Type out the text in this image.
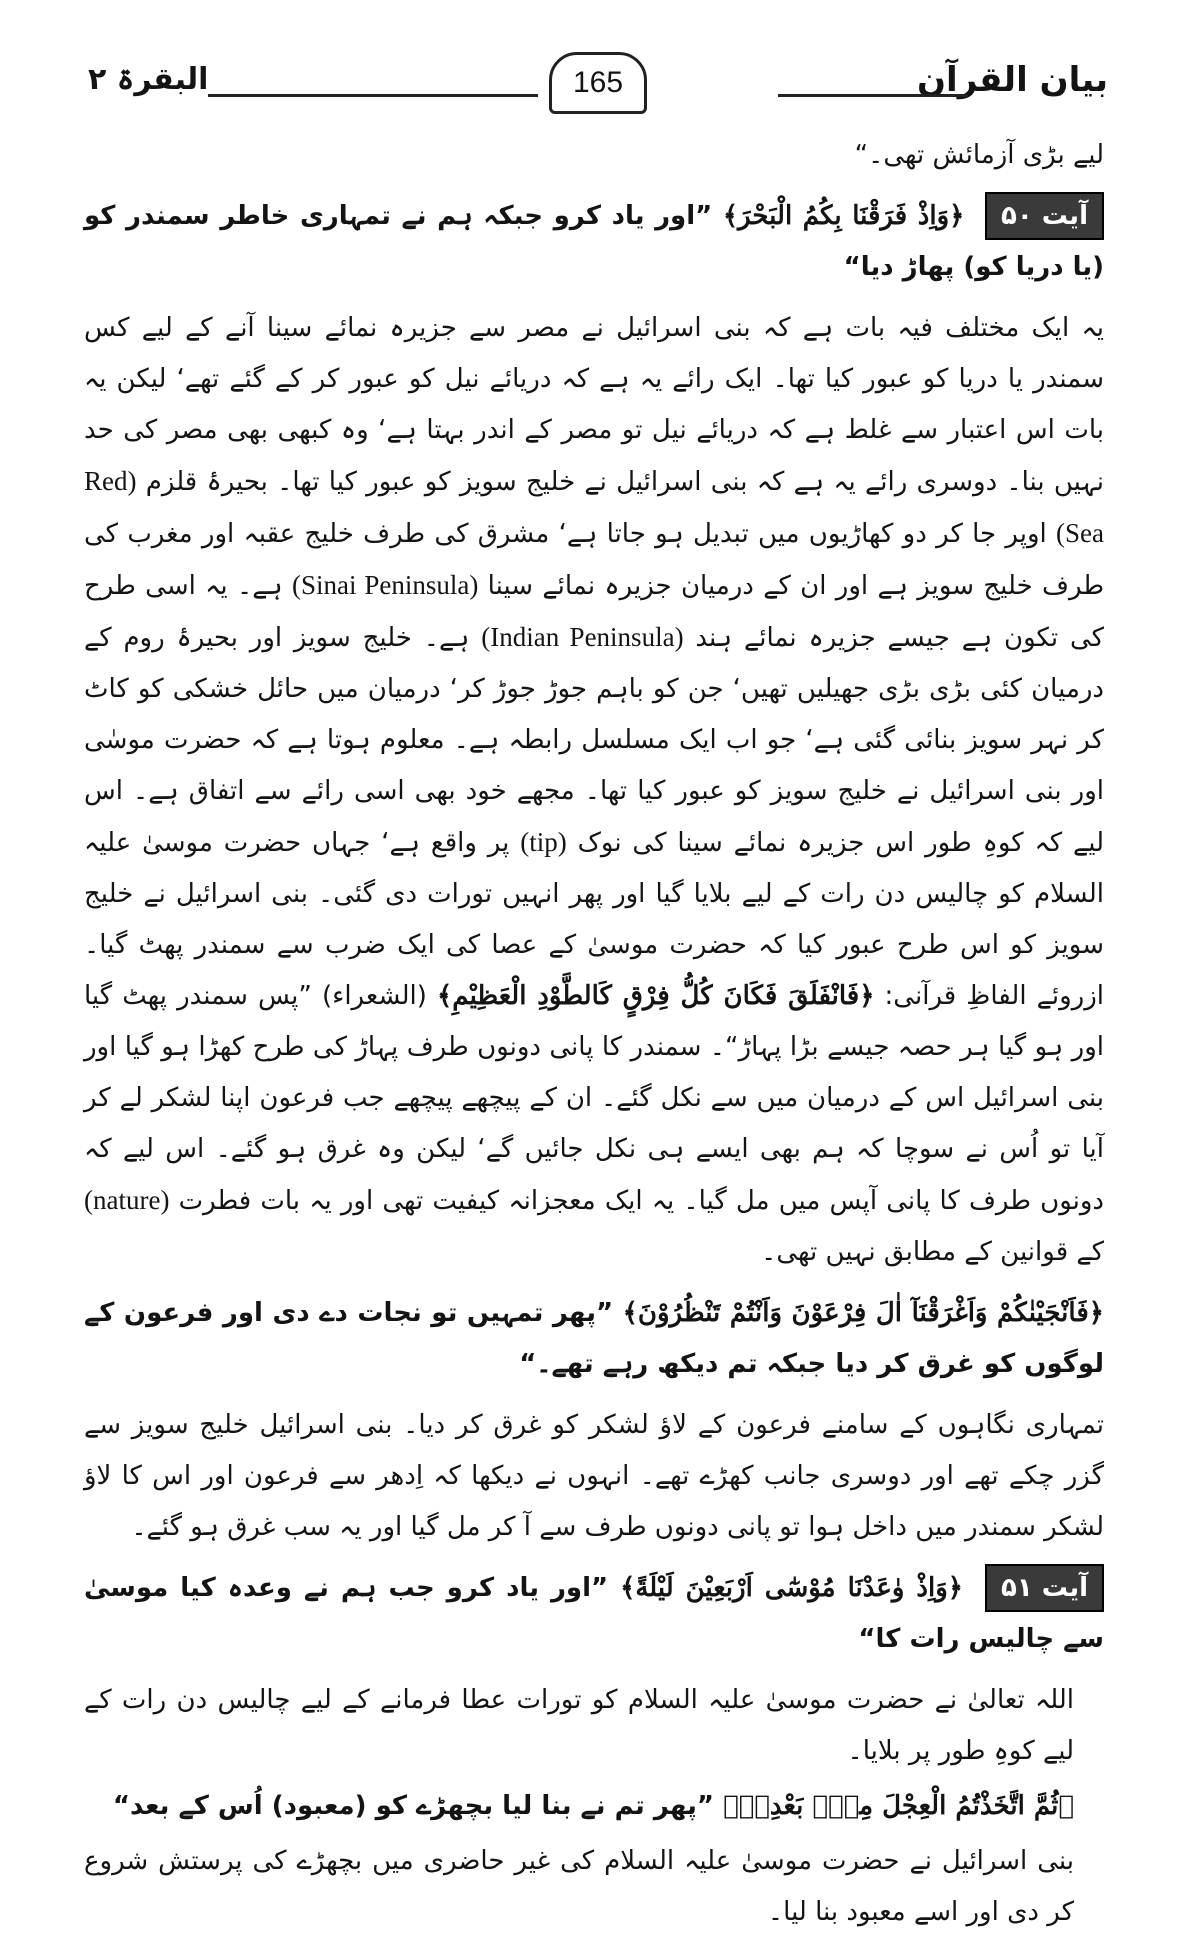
بیان القرآن
165
البقرۃ ۲

لیے بڑی آزمائش تھی۔“

آیت ۵۰ ﴿وَاِذْ فَرَقْنَا بِكُمُ الْبَحْرَ﴾ ”اور یاد کرو جبکہ ہم نے تمہاری خاطر سمندر کو (یا دریا کو) پھاڑ دیا“

یہ ایک مختلف فیہ بات ہے کہ بنی اسرائیل نے مصر سے جزیرہ نمائے سینا آنے کے لیے کس سمندر یا دریا کو عبور کیا تھا۔ ایک رائے یہ ہے کہ دریائے نیل کو عبور کر کے گئے تھے‘ لیکن یہ بات اس اعتبار سے غلط ہے کہ دریائے نیل تو مصر کے اندر بہتا ہے‘ وہ کبھی بھی مصر کی حد نہیں بنا۔ دوسری رائے یہ ہے کہ بنی اسرائیل نے خلیج سویز کو عبور کیا تھا۔ بحیرۂ قلزم (Red Sea) اوپر جا کر دو کھاڑیوں میں تبدیل ہو جاتا ہے‘ مشرق کی طرف خلیج عقبہ اور مغرب کی طرف خلیج سویز ہے اور ان کے درمیان جزیرہ نمائے سینا (Sinai Peninsula) ہے۔ یہ اسی طرح کی تکون ہے جیسے جزیرہ نمائے ہند (Indian Peninsula) ہے۔ خلیج سویز اور بحیرۂ روم کے درمیان کئی بڑی بڑی جھیلیں تھیں‘ جن کو باہم جوڑ جوڑ کر‘ درمیان میں حائل خشکی کو کاٹ کر نہر سویز بنائی گئی ہے‘ جو اب ایک مسلسل رابطہ ہے۔ معلوم ہوتا ہے کہ حضرت موسٰی اور بنی اسرائیل نے خلیج سویز کو عبور کیا تھا۔ مجھے خود بھی اسی رائے سے اتفاق ہے۔ اس لیے کہ کوہِ طور اس جزیرہ نمائے سینا کی نوک (tip) پر واقع ہے‘ جہاں حضرت موسیٰ علیہ السلام کو چالیس دن رات کے لیے بلایا گیا اور پھر انہیں تورات دی گئی۔ بنی اسرائیل نے خلیج سویز کو اس طرح عبور کیا کہ حضرت موسیٰ کے عصا کی ایک ضرب سے سمندر پھٹ گیا۔ ازروئے الفاظِ قرآنی: ﴿فَانْفَلَقَ فَكَانَ كُلُّ فِرْقٍ كَالطَّوْدِ الْعَظِيْمِ﴾ (الشعراء) ”پس سمندر پھٹ گیا اور ہو گیا ہر حصہ جیسے بڑا پہاڑ“۔ سمندر کا پانی دونوں طرف پہاڑ کی طرح کھڑا ہو گیا اور بنی اسرائیل اس کے درمیان میں سے نکل گئے۔ ان کے پیچھے پیچھے جب فرعون اپنا لشکر لے کر آیا تو اُس نے سوچا کہ ہم بھی ایسے ہی نکل جائیں گے‘ لیکن وہ غرق ہو گئے۔ اس لیے کہ دونوں طرف کا پانی آپس میں مل گیا۔ یہ ایک معجزانہ کیفیت تھی اور یہ بات فطرت (nature) کے قوانین کے مطابق نہیں تھی۔

﴿فَاَنْجَيْنٰكُمْ وَاَغْرَقْنَآ اٰلَ فِرْعَوْنَ وَاَنْتُمْ تَنْظُرُوْنَ﴾ ”پھر تمہیں تو نجات دے دی اور فرعون کے لوگوں کو غرق کر دیا جبکہ تم دیکھ رہے تھے۔“

تمہاری نگاہوں کے سامنے فرعون کے لاؤ لشکر کو غرق کر دیا۔ بنی اسرائیل خلیج سویز سے گزر چکے تھے اور دوسری جانب کھڑے تھے۔ انہوں نے دیکھا کہ اِدھر سے فرعون اور اس کا لاؤ لشکر سمندر میں داخل ہوا تو پانی دونوں طرف سے آ کر مل گیا اور یہ سب غرق ہو گئے۔

آیت ۵۱ ﴿وَاِذْ وٰعَدْنَا مُوْسٰٓى اَرْبَعِيْنَ لَيْلَةً﴾ ”اور یاد کرو جب ہم نے وعدہ کیا موسیٰ سے چالیس رات کا“

اللہ تعالیٰ نے حضرت موسیٰ علیہ السلام کو تورات عطا فرمانے کے لیے چالیس دن رات کے لیے کوہِ طور پر بلایا۔

﴿ثُمَّ اتَّخَذْتُمُ الْعِجْلَ مِنْۢ بَعْدِهٖ﴾ ”پھر تم نے بنا لیا بچھڑے کو (معبود) اُس کے بعد“

بنی اسرائیل نے حضرت موسیٰ علیہ السلام کی غیر حاضری میں بچھڑے کی پرستش شروع کر دی اور اسے معبود بنا لیا۔
